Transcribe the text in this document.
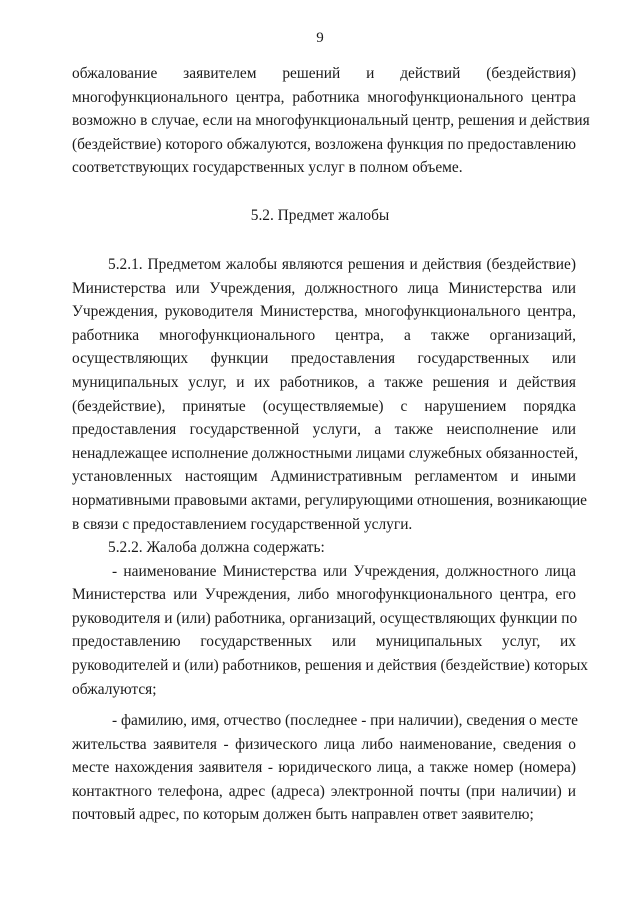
9
обжалование заявителем решений и действий (бездействия)
многофункционального центра, работника многофункционального центра
возможно в случае, если на многофункциональный центр, решения и действия
(бездействие) которого обжалуются, возложена функция по предоставлению
соответствующих государственных услуг в полном объеме.
5.2. Предмет жалобы
5.2.1. Предметом жалобы являются решения и действия (бездействие)
Министерства или Учреждения, должностного лица Министерства или
Учреждения, руководителя Министерства, многофункционального центра,
работника многофункционального центра, а также организаций,
осуществляющих функции предоставления государственных или
муниципальных услуг, и их работников, а также решения и действия
(бездействие), принятые (осуществляемые) с нарушением порядка
предоставления государственной услуги, а также неисполнение или
ненадлежащее исполнение должностными лицами служебных обязанностей,
установленных настоящим Административным регламентом и иными
нормативными правовыми актами, регулирующими отношения, возникающие
в связи с предоставлением государственной услуги.
5.2.2. Жалоба должна содержать:
- наименование Министерства или Учреждения, должностного лица
Министерства или Учреждения, либо многофункционального центра, его
руководителя и (или) работника, организаций, осуществляющих функции по
предоставлению государственных или муниципальных услуг, их
руководителей и (или) работников, решения и действия (бездействие) которых
обжалуются;
- фамилию, имя, отчество (последнее - при наличии), сведения о месте
жительства заявителя - физического лица либо наименование, сведения о
месте нахождения заявителя - юридического лица, а также номер (номера)
контактного телефона, адрес (адреса) электронной почты (при наличии) и
почтовый адрес, по которым должен быть направлен ответ заявителю;
